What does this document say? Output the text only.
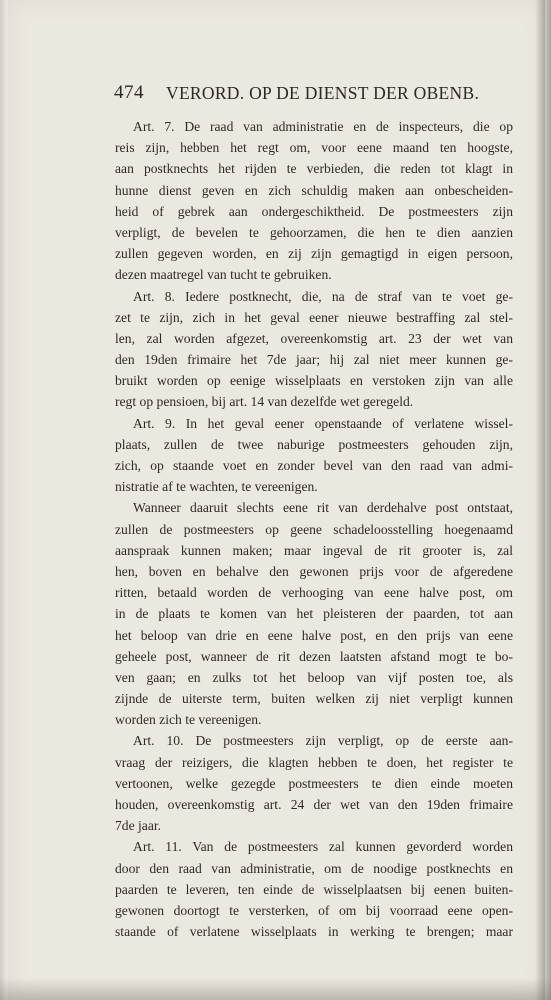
474 VERORD. OP DE DIENST DER OBENB.
Art. 7. De raad van administratie en de inspecteurs, die op
reis zijn, hebben het regt om, voor eene maand ten hoogste,
aan postknechts het rijden te verbieden, die reden tot klagt in
hunne dienst geven en zich schuldig maken aan onbescheiden-
heid of gebrek aan ondergeschiktheid. De postmeesters zijn
verpligt, de bevelen te gehoorzamen, die hen te dien aanzien
zullen gegeven worden, en zij zijn gemagtigd in eigen persoon,
dezen maatregel van tucht te gebruiken.
Art. 8. Iedere postknecht, die, na de straf van te voet ge-
zet te zijn, zich in het geval eener nieuwe bestraffing zal stel-
len, zal worden afgezet, overeenkomstig art. 23 der wet van
den 19den frimaire het 7de jaar; hij zal niet meer kunnen ge-
bruikt worden op eenige wisselplaats en verstoken zijn van alle
regt op pensioen, bij art. 14 van dezelfde wet geregeld.
Art. 9. In het geval eener openstaande of verlatene wissel-
plaats, zullen de twee naburige postmeesters gehouden zijn,
zich, op staande voet en zonder bevel van den raad van admi-
nistratie af te wachten, te vereenigen.
Wanneer daaruit slechts eene rit van derdehalve post ontstaat,
zullen de postmeesters op geene schadeloosstelling hoegenaamd
aanspraak kunnen maken; maar ingeval de rit grooter is, zal
hen, boven en behalve den gewonen prijs voor de afgeredene
ritten, betaald worden de verhooging van eene halve post, om
in de plaats te komen van het pleisteren der paarden, tot aan
het beloop van drie en eene halve post, en den prijs van eene
geheele post, wanneer de rit dezen laatsten afstand mogt te bo-
ven gaan; en zulks tot het beloop van vijf posten toe, als
zijnde de uiterste term, buiten welken zij niet verpligt kunnen
worden zich te vereenigen.
Art. 10. De postmeesters zijn verpligt, op de eerste aan-
vraag der reizigers, die klagten hebben te doen, het register te
vertoonen, welke gezegde postmeesters te dien einde moeten
houden, overeenkomstig art. 24 der wet van den 19den frimaire
7de jaar.
Art. 11. Van de postmeesters zal kunnen gevorderd worden
door den raad van administratie, om de noodige postknechts en
paarden te leveren, ten einde de wisselplaatsen bij eenen buiten-
gewonen doortogt te versterken, of om bij voorraad eene open-
staande of verlatene wisselplaats in werking te brengen; maar
